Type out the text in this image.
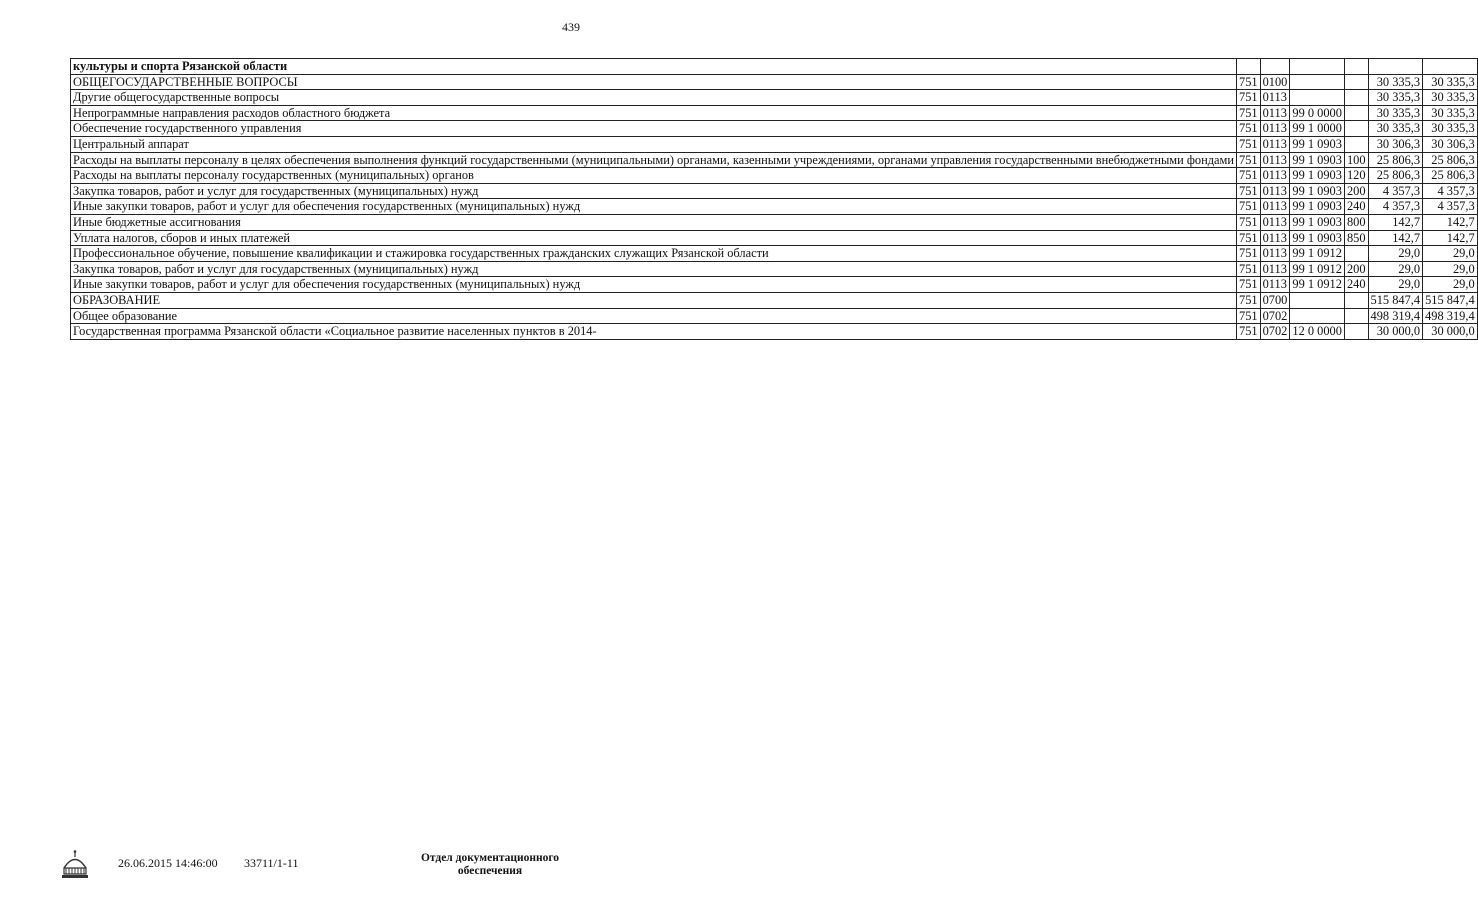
439
культуры и спорта Рязанской области						
ОБЩЕГОСУДАРСТВЕННЫЕ ВОПРОСЫ	751	0100			30 335,3	30 335,3
Другие общегосударственные вопросы	751	0113			30 335,3	30 335,3
Непрограммные направления расходов областного бюджета	751	0113	99 0 0000		30 335,3	30 335,3
Обеспечение государственного управления	751	0113	99 1 0000		30 335,3	30 335,3
Центральный аппарат	751	0113	99 1 0903		30 306,3	30 306,3
Расходы на выплаты персоналу в целях обеспечения выполнения функций государственными (муниципальными) органами, казенными учреждениями, органами управления государственными внебюджетными фондами	751	0113	99 1 0903	100	25 806,3	25 806,3
Расходы на выплаты персоналу государственных (муниципальных) органов	751	0113	99 1 0903	120	25 806,3	25 806,3
Закупка товаров, работ и услуг для государственных (муниципальных) нужд	751	0113	99 1 0903	200	4 357,3	4 357,3
Иные закупки товаров, работ и услуг для обеспечения государственных (муниципальных) нужд	751	0113	99 1 0903	240	4 357,3	4 357,3
Иные бюджетные ассигнования	751	0113	99 1 0903	800	142,7	142,7
Уплата налогов, сборов и иных платежей	751	0113	99 1 0903	850	142,7	142,7
Профессиональное обучение, повышение квалификации и стажировка государственных гражданских служащих Рязанской области	751	0113	99 1 0912		29,0	29,0
Закупка товаров, работ и услуг для государственных (муниципальных) нужд	751	0113	99 1 0912	200	29,0	29,0
Иные закупки товаров, работ и услуг для обеспечения государственных (муниципальных) нужд	751	0113	99 1 0912	240	29,0	29,0
ОБРАЗОВАНИЕ	751	0700			515 847,4	515 847,4
Общее образование	751	0702			498 319,4	498 319,4
Государственная программа Рязанской области «Социальное развитие населенных пунктов в 2014-	751	0702	12 0 0000		30 000,0	30 000,0
26.06.2015 14:46:00 33711/1-11	Отдел документационного обеспечения
